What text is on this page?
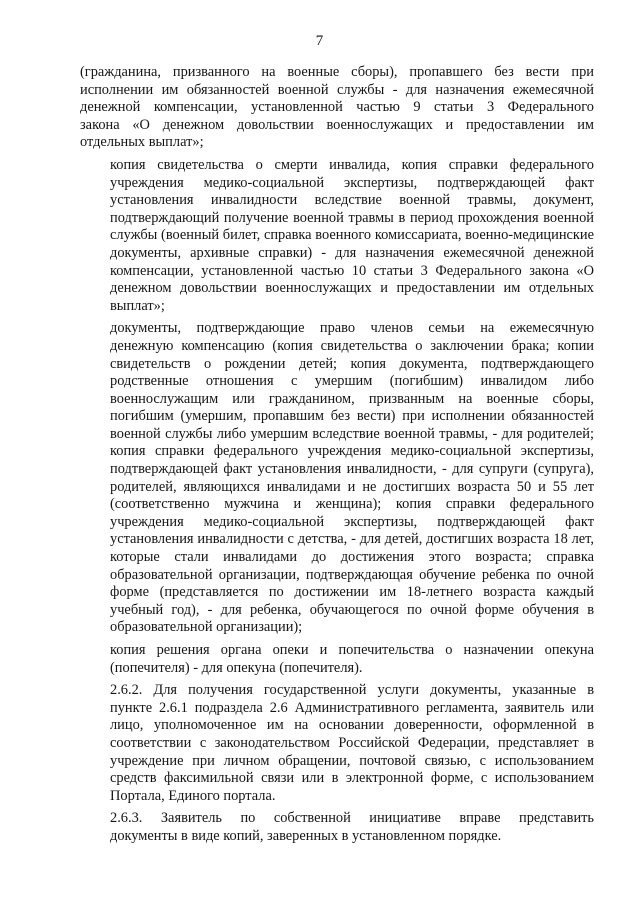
7
(гражданина, призванного на военные сборы), пропавшего без вести при
исполнении им обязанностей военной службы - для назначения ежемесячной
денежной компенсации, установленной частью 9 статьи 3 Федерального
закона «О денежном довольствии военнослужащих и предоставлении им
отдельных выплат»;
копия свидетельства о смерти инвалида, копия справки федерального
учреждения медико-социальной экспертизы, подтверждающей факт
установления инвалидности вследствие военной травмы, документ,
подтверждающий получение военной травмы в период прохождения военной
службы (военный билет, справка военного комиссариата, военно-медицинские
документы, архивные справки) - для назначения ежемесячной денежной
компенсации, установленной частью 10 статьи 3 Федерального закона «О
денежном довольствии военнослужащих и предоставлении им отдельных
выплат»;
документы, подтверждающие право членов семьи на ежемесячную
денежную компенсацию (копия свидетельства о заключении брака; копии
свидетельств о рождении детей; копия документа, подтверждающего
родственные отношения с умершим (погибшим) инвалидом либо
военнослужащим или гражданином, призванным на военные сборы,
погибшим (умершим, пропавшим без вести) при исполнении обязанностей
военной службы либо умершим вследствие военной травмы, - для родителей;
копия справки федерального учреждения медико-социальной экспертизы,
подтверждающей факт установления инвалидности, - для супруги (супруга),
родителей, являющихся инвалидами и не достигших возраста 50 и 55 лет
(соответственно мужчина и женщина); копия справки федерального
учреждения медико-социальной экспертизы, подтверждающей факт
установления инвалидности с детства, - для детей, достигших возраста 18 лет,
которые стали инвалидами до достижения этого возраста; справка
образовательной организации, подтверждающая обучение ребенка по очной
форме (представляется по достижении им 18-летнего возраста каждый
учебный год), - для ребенка, обучающегося по очной форме обучения в
образовательной организации);
копия решения органа опеки и попечительства о назначении опекуна
(попечителя) - для опекуна (попечителя).
2.6.2. Для получения государственной услуги документы, указанные в
пункте 2.6.1 подраздела 2.6 Административного регламента, заявитель или
лицо, уполномоченное им на основании доверенности, оформленной в
соответствии с законодательством Российской Федерации, представляет в
учреждение при личном обращении, почтовой связью, с использованием
средств факсимильной связи или в электронной форме, с использованием
Портала, Единого портала.
2.6.3. Заявитель по собственной инициативе вправе представить
документы в виде копий, заверенных в установленном порядке.
